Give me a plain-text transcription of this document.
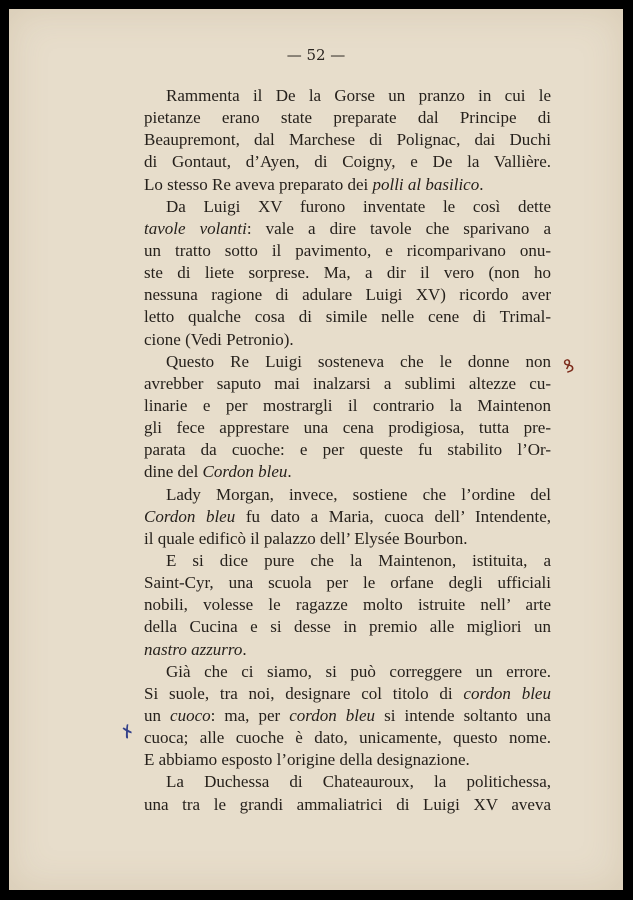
— 52 —
Rammenta il De la Gorse un pranzo in cui le
pietanze erano state preparate dal Principe di
Beaupremont, dal Marchese di Polignac, dai Duchi
di Gontaut, d’Ayen, di Coigny, e De la Vallière.
Lo stesso Re aveva preparato dei polli al basilico.
Da Luigi XV furono inventate le così dette
tavole volanti: vale a dire tavole che sparivano a
un tratto sotto il pavimento, e ricomparivano onu-
ste di liete sorprese. Ma, a dir il vero (non ho
nessuna ragione di adulare Luigi XV) ricordo aver
letto qualche cosa di simile nelle cene di Trimal-
cione (Vedi Petronio).
Questo Re Luigi sosteneva che le donne non
avrebber saputo mai inalzarsi a sublimi altezze cu-
linarie e per mostrargli il contrario la Maintenon
gli fece apprestare una cena prodigiosa, tutta pre-
parata da cuoche: e per queste fu stabilito l’Or-
dine del Cordon bleu.
Lady Morgan, invece, sostiene che l’ordine del
Cordon bleu fu dato a Maria, cuoca dell’ Intendente,
il quale edificò il palazzo dell’ Elysée Bourbon.
E si dice pure che la Maintenon, istituita, a
Saint-Cyr, una scuola per le orfane degli ufficiali
nobili, volesse le ragazze molto istruite nell’ arte
della Cucina e si desse in premio alle migliori un
nastro azzurro.
Già che ci siamo, si può correggere un errore.
Si suole, tra noi, designare col titolo di cordon bleu
un cuoco: ma, per cordon bleu si intende soltanto una
cuoca; alle cuoche è dato, unicamente, questo nome.
E abbiamo esposto l’origine della designazione.
La Duchessa di Chateauroux, la politichessa,
una tra le grandi ammaliatrici di Luigi XV aveva
ꝸ
✗
